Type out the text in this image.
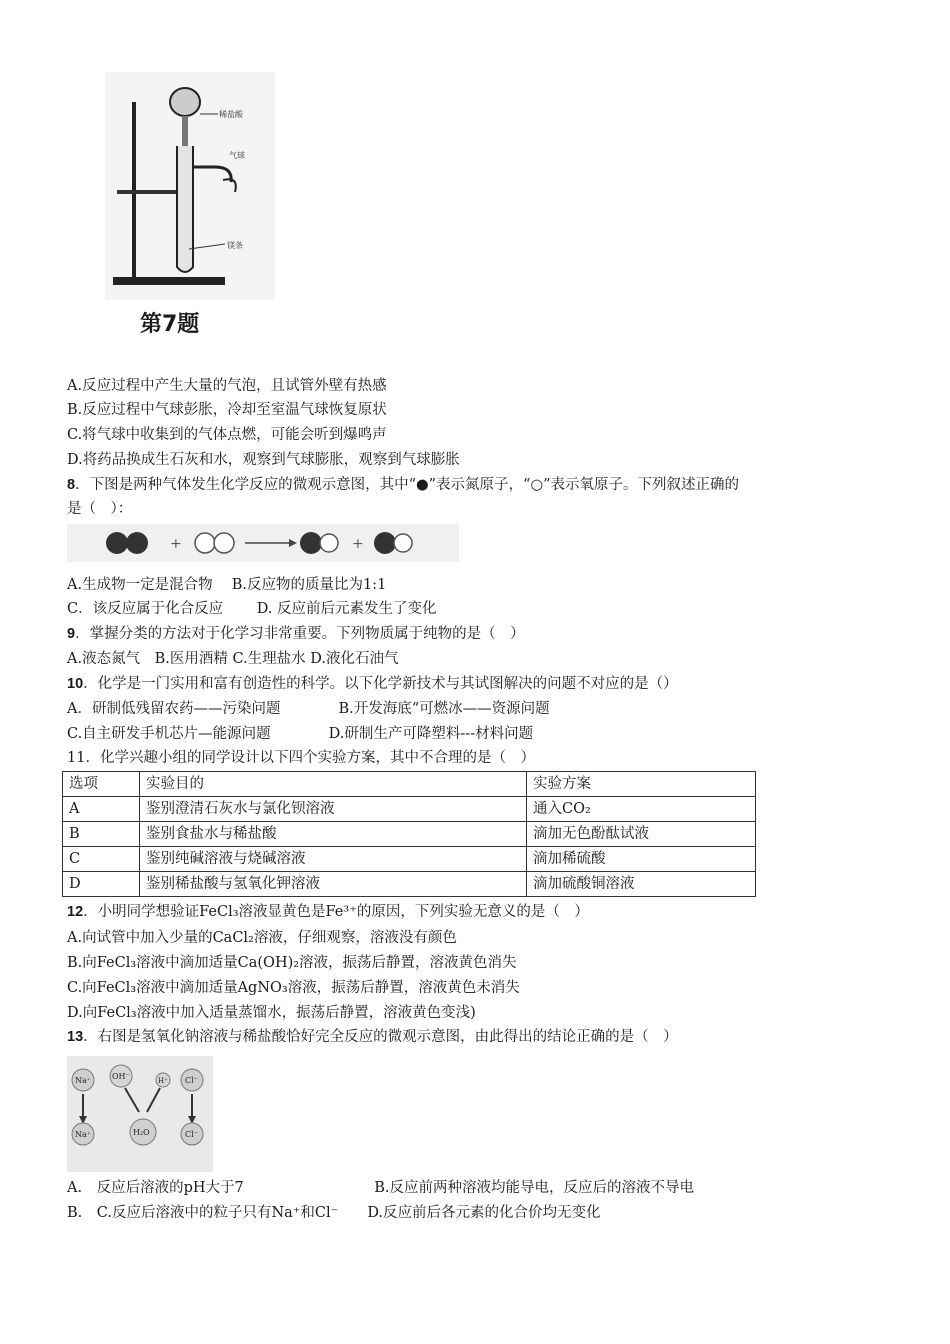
稀盐酸
气球
镁条
第7题
A.反应过程中产生大量的气泡，且试管外壁有热感
B.反应过程中气球彭胀，冷却至室温气球恢复原状
C.将气球中收集到的气体点燃，可能会听到爆鸣声
D.将药品换成生石灰和水，观察到气球膨胀，观察到气球膨胀
8．下图是两种气体发生化学反应的微观示意图，其中“●”表示氮原子，“○”表示氧原子。下列叙述正确的
是（　）：
+	+
A.生成物一定是混合物　 B.反应物的质量比为1:1
C．该反应属于化合反应　　 D. 反应前后元素发生了变化
9．掌握分类的方法对于化学习非常重要。下列物质属于纯物的是（　）
A.液态氮气　B.医用酒精 C.生理盐水 D.液化石油气
10．化学是一门实用和富有创造性的科学。以下化学新技术与其试图解决的问题不对应的是（）
A．研制低残留农药——污染问题　　　　B.开发海底“可燃冰——资源问题
C.自主研发手机芯片—能源问题　　　　D.研制生产可降塑料---材料问题
11．化学兴趣小组的同学设计以下四个实验方案，其中不合理的是（　）
选项	实验目的	实验方案
A	鉴别澄清石灰水与氯化钡溶液	通入CO₂
B	鉴别食盐水与稀盐酸	滴加无色酚酞试液
C	鉴别纯碱溶液与烧碱溶液	滴加稀硫酸
D	鉴别稀盐酸与氢氧化钾溶液	滴加硫酸铜溶液
12．小明同学想验证FeCl₃溶液显黄色是Fe³⁺的原因，下列实验无意义的是（　）
A.向试管中加入少量的CaCl₂溶液，仔细观察，溶液没有颜色
B.向FeCl₃溶液中滴加适量Ca(OH)₂溶液，振荡后静置，溶液黄色消失
C.向FeCl₃溶液中滴加适量AgNO₃溶液，振荡后静置，溶液黄色未消失
D.向FeCl₃溶液中加入适量蒸馏水，振荡后静置，溶液黄色变浅)
13．右图是氢氧化钠溶液与稀盐酸恰好完全反应的微观示意图，由此得出的结论正确的是（　）
Na⁺	OH⁻	H⁺ Cl⁻
Na⁺	H₂O	Cl⁻
A.　反应后溶液的pH大于7　　　　　　　　　B.反应前两种溶液均能导电，反应后的溶液不导电
B.　C.反应后溶液中的粒子只有Na⁺和Cl⁻　　D.反应前后各元素的化合价均无变化
